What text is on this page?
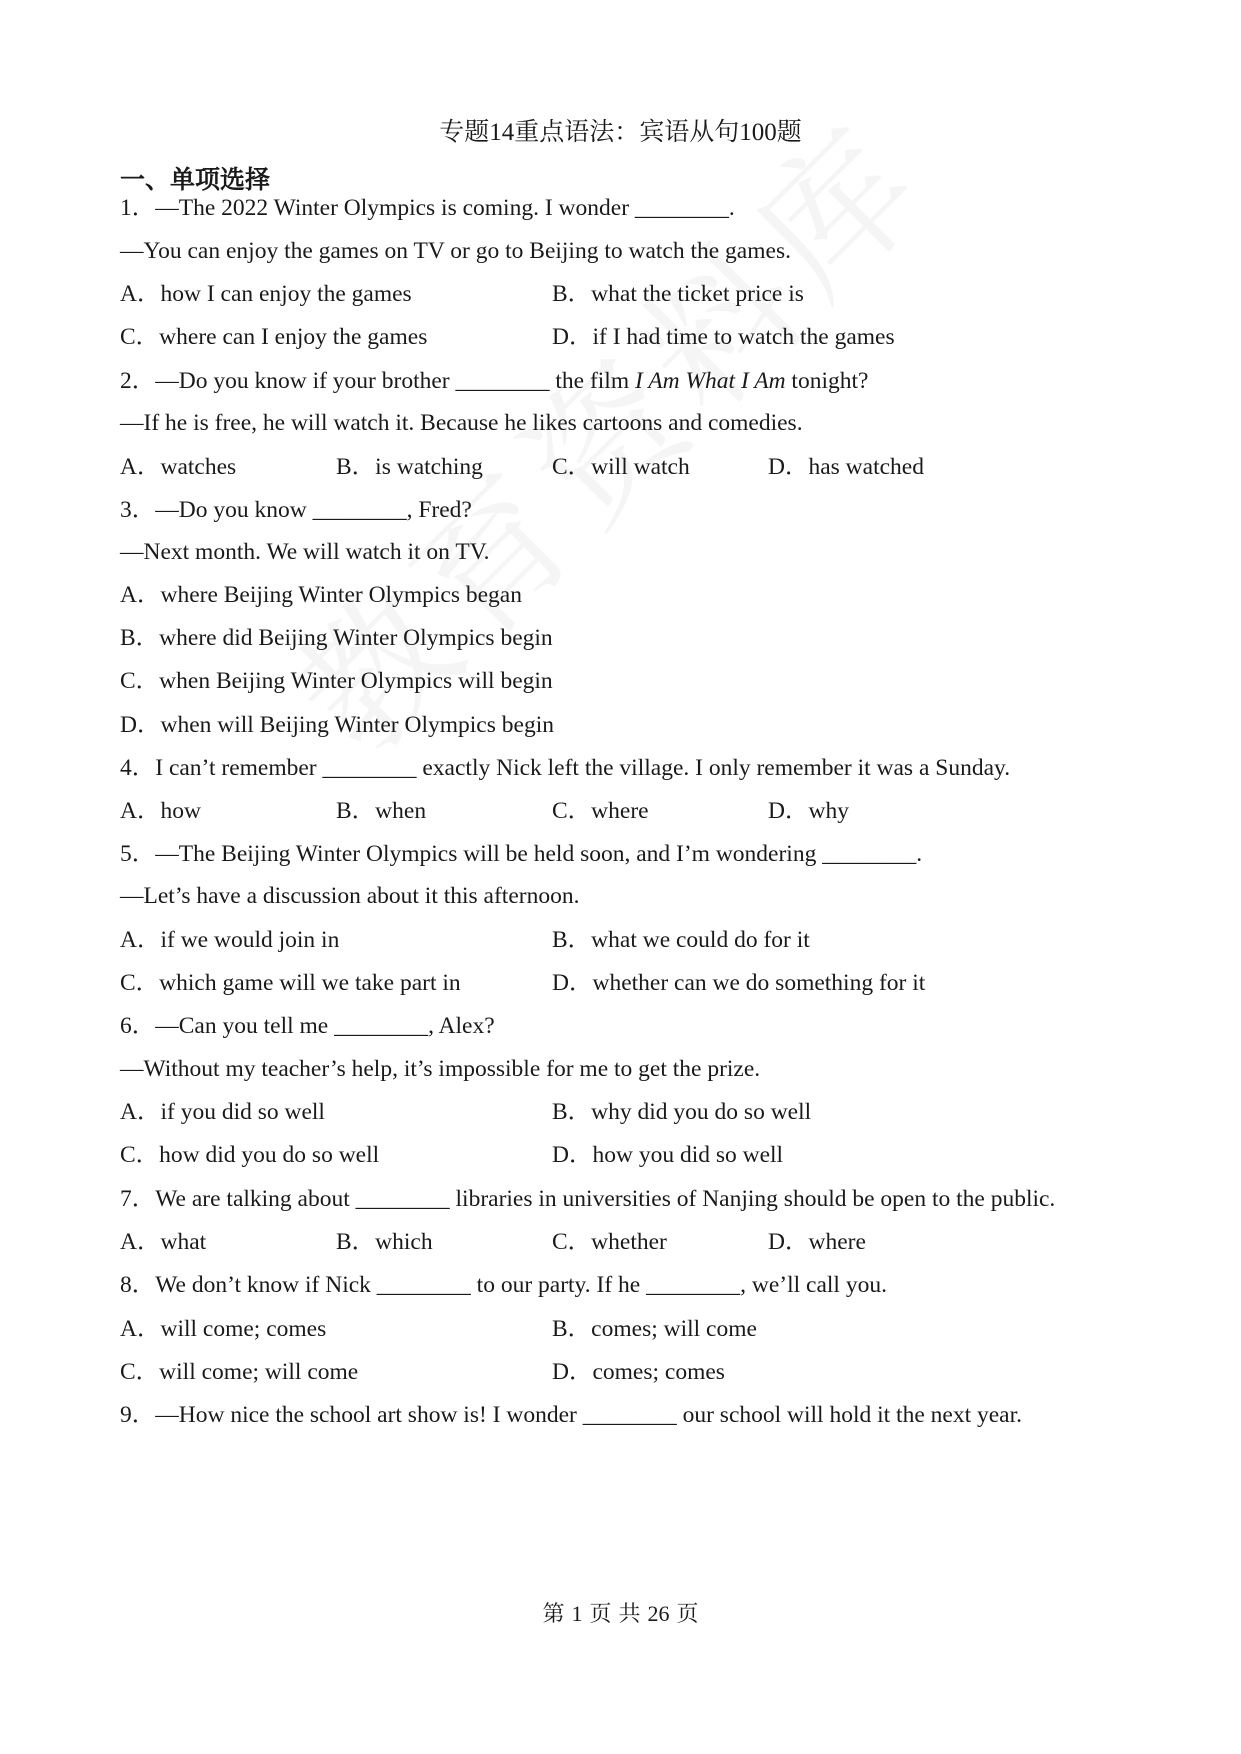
专题14重点语法：宾语从句100题
一、单项选择
1．—The 2022 Winter Olympics is coming. I wonder ________.
—You can enjoy the games on TV or go to Beijing to watch the games.
A．how I can enjoy the games	B．what the ticket price is
C．where can I enjoy the games	D．if I had time to watch the games
2．—Do you know if your brother ________ the film I Am What I Am tonight?
—If he is free, he will watch it. Because he likes cartoons and comedies.
A．watches	B．is watching	C．will watch	D．has watched
3．—Do you know ________, Fred?
—Next month. We will watch it on TV.
A．where Beijing Winter Olympics began
B．where did Beijing Winter Olympics begin
C．when Beijing Winter Olympics will begin
D．when will Beijing Winter Olympics begin
4．I can’t remember ________ exactly Nick left the village. I only remember it was a Sunday.
A．how	B．when	C．where	D．why
5．—The Beijing Winter Olympics will be held soon, and I’m wondering ________.
—Let’s have a discussion about it this afternoon.
A．if we would join in	B．what we could do for it
C．which game will we take part in	D．whether can we do something for it
6．—Can you tell me ________, Alex?
—Without my teacher’s help, it’s impossible for me to get the prize.
A．if you did so well	B．why did you do so well
C．how did you do so well	D．how you did so well
7．We are talking about ________ libraries in universities of Nanjing should be open to the public.
A．what	B．which	C．whether	D．where
8．We don’t know if Nick ________ to our party. If he ________, we’ll call you.
A．will come; comes	B．comes; will come
C．will come; will come	D．comes; comes
9．—How nice the school art show is! I wonder ________ our school will hold it the next year.
第 1 页 共 26 页
